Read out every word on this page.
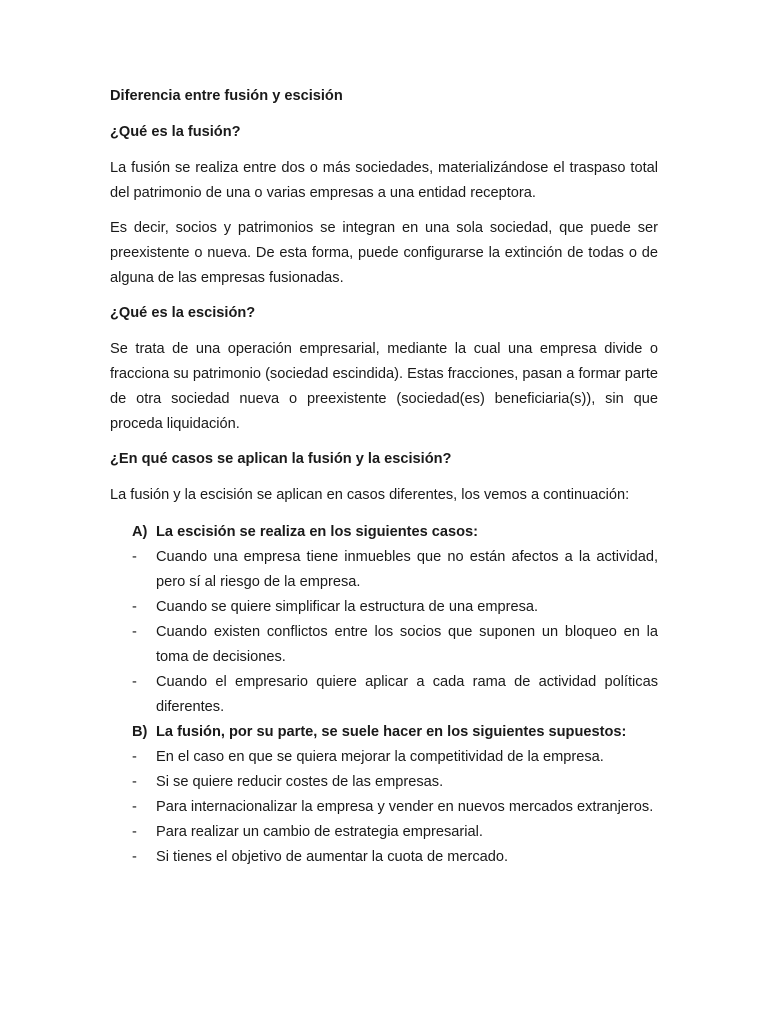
Diferencia entre fusión y escisión

¿Qué es la fusión?

La fusión se realiza entre dos o más sociedades, materializándose el traspaso total del patrimonio de una o varias empresas a una entidad receptora.

Es decir, socios y patrimonios se integran en una sola sociedad, que puede ser preexistente o nueva. De esta forma, puede configurarse la extinción de todas o de alguna de las empresas fusionadas.

¿Qué es la escisión?

Se trata de una operación empresarial, mediante la cual una empresa divide o fracciona su patrimonio (sociedad escindida). Estas fracciones, pasan a formar parte de otra sociedad nueva o preexistente (sociedad(es) beneficiaria(s)), sin que proceda liquidación.

¿En qué casos se aplican la fusión y la escisión?

La fusión y la escisión se aplican en casos diferentes, los vemos a continuación:

A) La escisión se realiza en los siguientes casos:
-	Cuando una empresa tiene inmuebles que no están afectos a la actividad, pero sí al riesgo de la empresa.
-	Cuando se quiere simplificar la estructura de una empresa.
-	Cuando existen conflictos entre los socios que suponen un bloqueo en la toma de decisiones.
-	Cuando el empresario quiere aplicar a cada rama de actividad políticas diferentes.
B) La fusión, por su parte, se suele hacer en los siguientes supuestos:
-	En el caso en que se quiera mejorar la competitividad de la empresa.
-	Si se quiere reducir costes de las empresas.
-	Para internacionalizar la empresa y vender en nuevos mercados extranjeros.
-	Para realizar un cambio de estrategia empresarial.
-	Si tienes el objetivo de aumentar la cuota de mercado.
